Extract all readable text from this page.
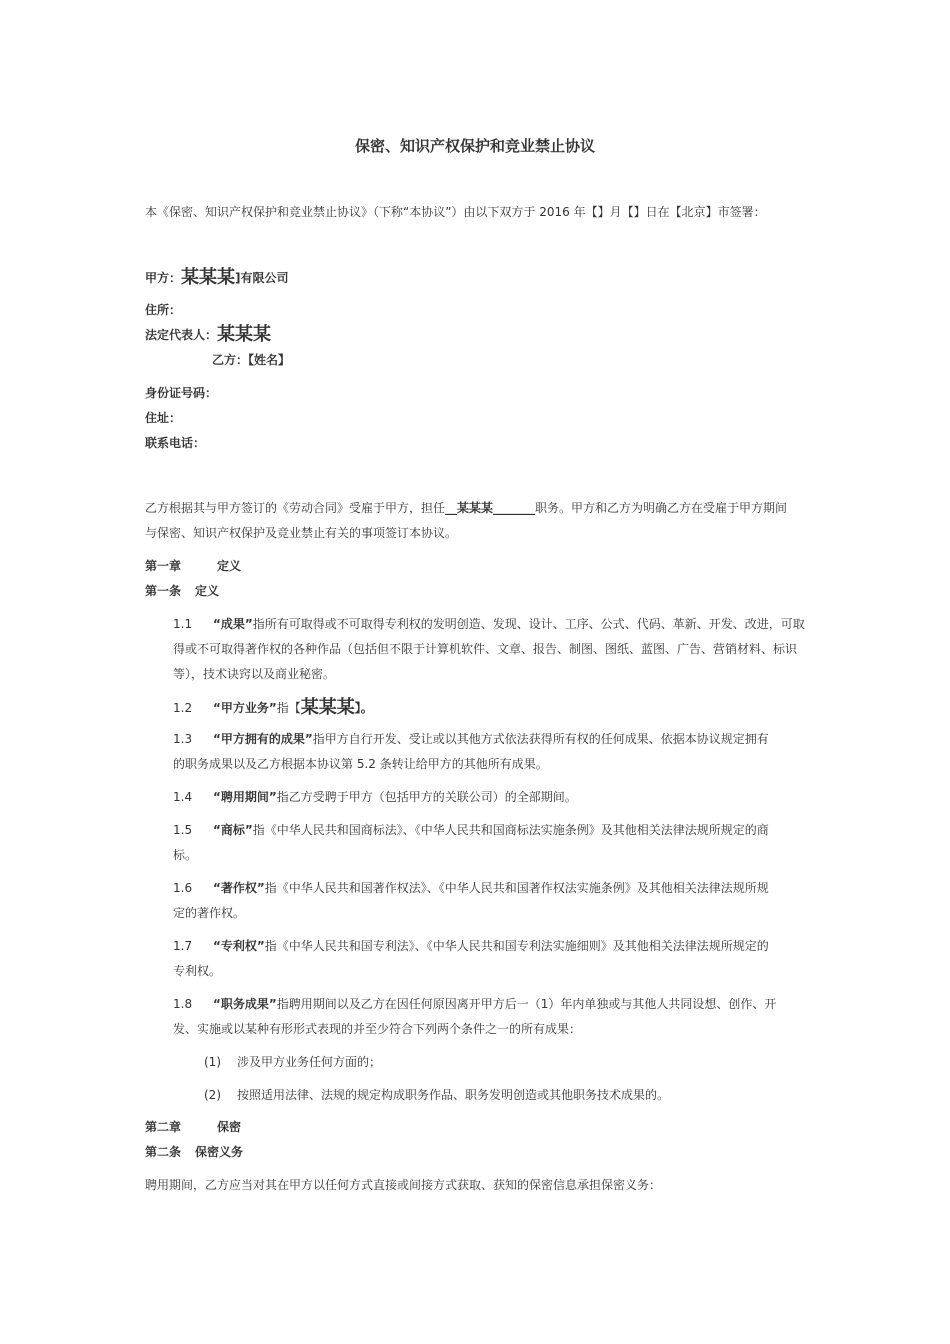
保密、知识产权保护和竞业禁止协议
本《保密、知识产权保护和竞业禁止协议》（下称“本协议”）由以下双方于 2016 年【】月【】日在【北京】市签署：
甲方：某某某]有限公司
住所：
法定代表人：某某某
乙方：【姓名】
身份证号码：
住址：
联系电话：
乙方根据其与甲方签订的《劳动合同》受雇于甲方，担任__某某某_______职务。甲方和乙方为明确乙方在受雇于甲方期间
与保密、知识产权保护及竞业禁止有关的事项签订本协议。
第一章	定义
第一条 定义
1.1 “成果”指所有可取得或不可取得专利权的发明创造、发现、设计、工序、公式、代码、革新、开发、改进，可取
得或不可取得著作权的各种作品（包括但不限于计算机软件、文章、报告、制图、图纸、蓝图、广告、营销材料、标识
等），技术诀窍以及商业秘密。
1.2 “甲方业务”指【某某某】。
1.3 “甲方拥有的成果”指甲方自行开发、受让或以其他方式依法获得所有权的任何成果、依据本协议规定拥有
的职务成果以及乙方根据本协议第 5.2 条转让给甲方的其他所有成果。
1.4 “聘用期间”指乙方受聘于甲方（包括甲方的关联公司）的全部期间。
1.5 “商标”指《中华人民共和国商标法》、《中华人民共和国商标法实施条例》及其他相关法律法规所规定的商
标。
1.6 “著作权”指《中华人民共和国著作权法》、《中华人民共和国著作权法实施条例》及其他相关法律法规所规
定的著作权。
1.7 “专利权”指《中华人民共和国专利法》、《中华人民共和国专利法实施细则》及其他相关法律法规所规定的
专利权。
1.8 “职务成果”指聘用期间以及乙方在因任何原因离开甲方后一（1）年内单独或与其他人共同设想、创作、开
发、实施或以某种有形形式表现的并至少符合下列两个条件之一的所有成果：
(1) 涉及甲方业务任何方面的；
(2) 按照适用法律、法规的规定构成职务作品、职务发明创造或其他职务技术成果的。
第二章	保密
第二条 保密义务
聘用期间，乙方应当对其在甲方以任何方式直接或间接方式获取、获知的保密信息承担保密义务：
